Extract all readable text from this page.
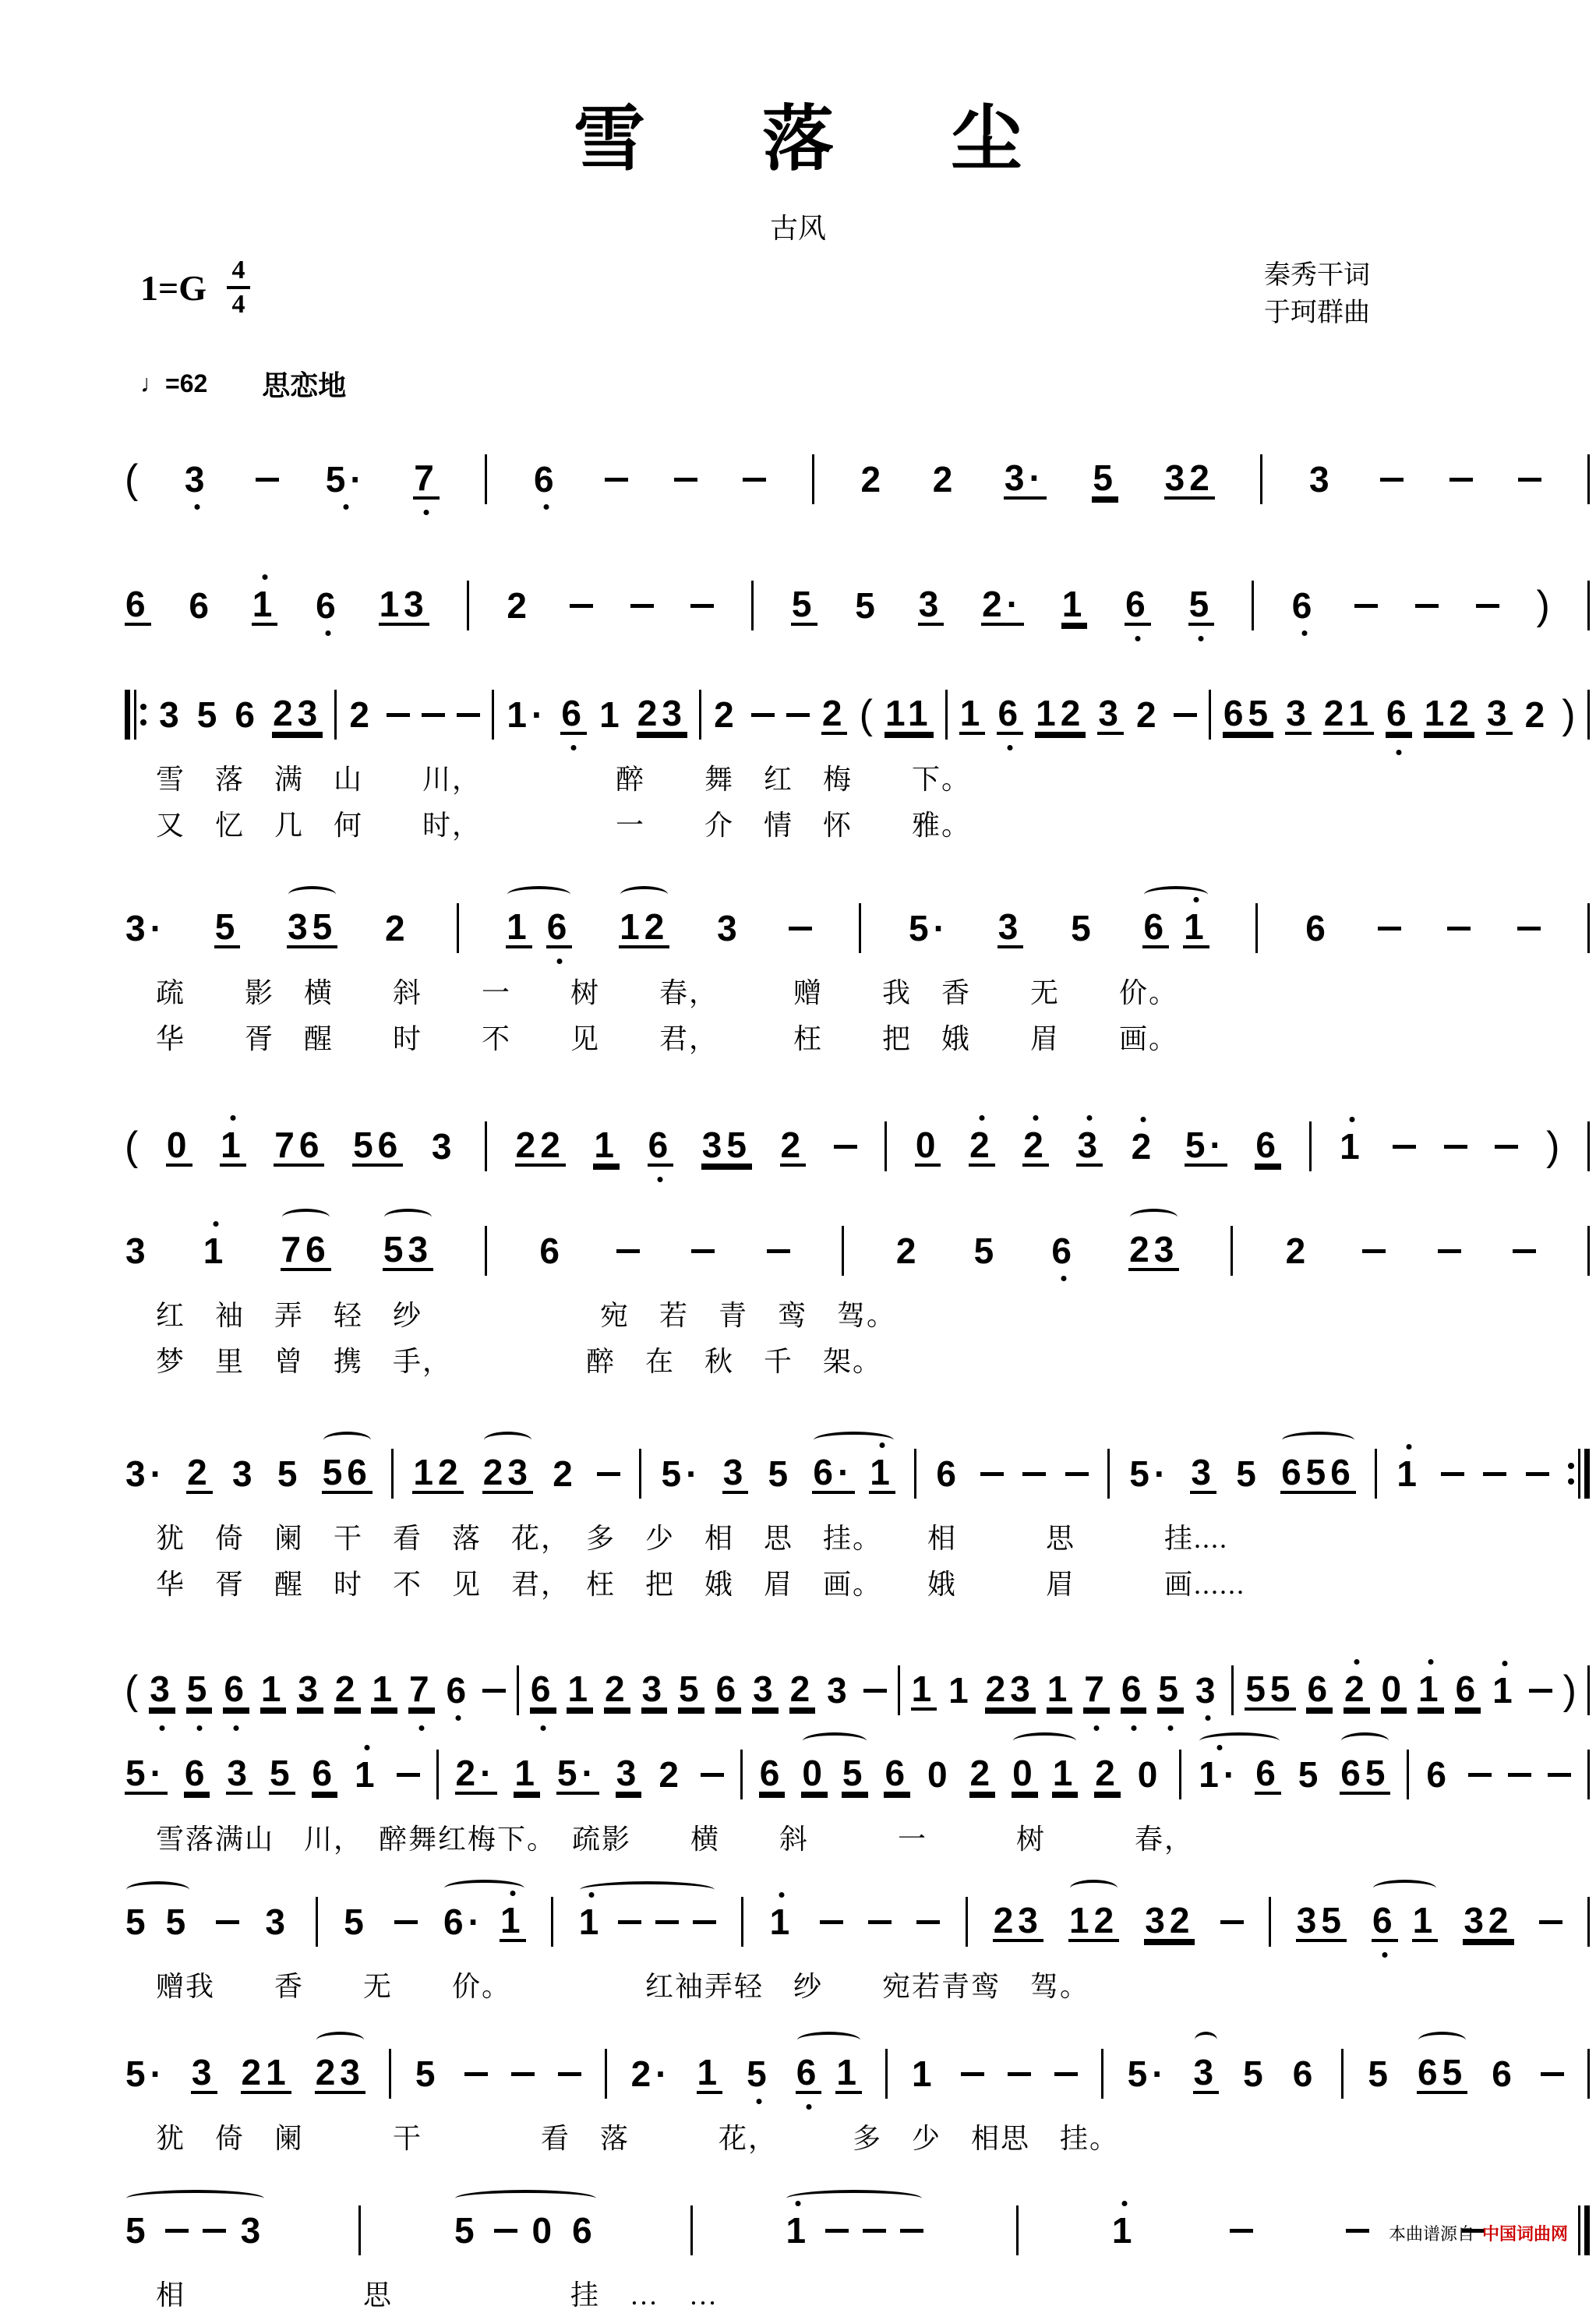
雪落尘
古风
$1=G \frac{4}{4}$	秦秀干词
于珂群曲
♩=62 思恋地
( 3	5· 7	6	2 2 3· 5 32	3
6 6 1 6 13 2	5 5 3 2· 1 6 5 6	)
3 5 6 23 2	1· 6 1 23 2 2 ( 11 1 6 12 3 2 65 3 21 6 12 3 2 )
雪　落　满　山　　川，　　　　　醉　　舞　红　梅　　下。
又　忆　几　何　　时，　　　　　一　　介　情　怀　　雅。
3· 5 35 2	1 6 12 3	5· 3 5 6 1	6
疏　　影　横　　斜　　一　　树　　春，　　　赠　　我　香　　无　　价。
华　　胥　醒　　时　　不　　见　　君，　　　枉　　把　娥　　眉　　画。
( 0 1 76 56 3 22 1 6 35 2	0 2 2 3 2 5· 6 1	)
3 1 76 53	6	2 5 6 23	2
红　袖　弄　轻　纱　　　　　　宛　若　青　鸾　驾。
梦　里　曾　携　手，　　　　　醉　在　秋　千　架。
3· 2 3 5 56 12 23 2 5· 3 5 6· 1 6	5· 3 5 656 1
犹　倚　阑　干　看　落　花，　多　少　相　思　挂。　　相　　　思　　　挂....
华　胥　醒　时　不　见　君，　枉　把　娥　眉　画。　　娥　　　眉　　　画......
( 3 5 6 1 3 2 1 7 6 6 1 2 3 5 6 3 2 3 1 1 23 1 7 6 5 3 55 6 2 0 1 6 1 )
5· 6 3 5 6 1 2· 1 5· 3 2 6 0 5 6 0 2 0 1 2 0 1· 6 5 65 6
雪落满山　川，　醉舞红梅下。　疏影　　横　　斜　　　一　　　树　　　春，
5 5 3 5 6· 1 1	1	23 12 32	35 6 1 32
赠我　　香　　无　　价。　　　　　红袖弄轻　纱　　宛若青鸾　驾。
5· 3 21 23 5	2· 1 5 6 1 1	5· 3 5 6 5 65 6
犹　倚　阑　　　干　　　　看　落　　　花，　　　多　少　相思　挂。
5	3	5 0 6	1	1
相　　　　　　思　　　　　　挂　…　…
本曲谱源自 中国词曲网
